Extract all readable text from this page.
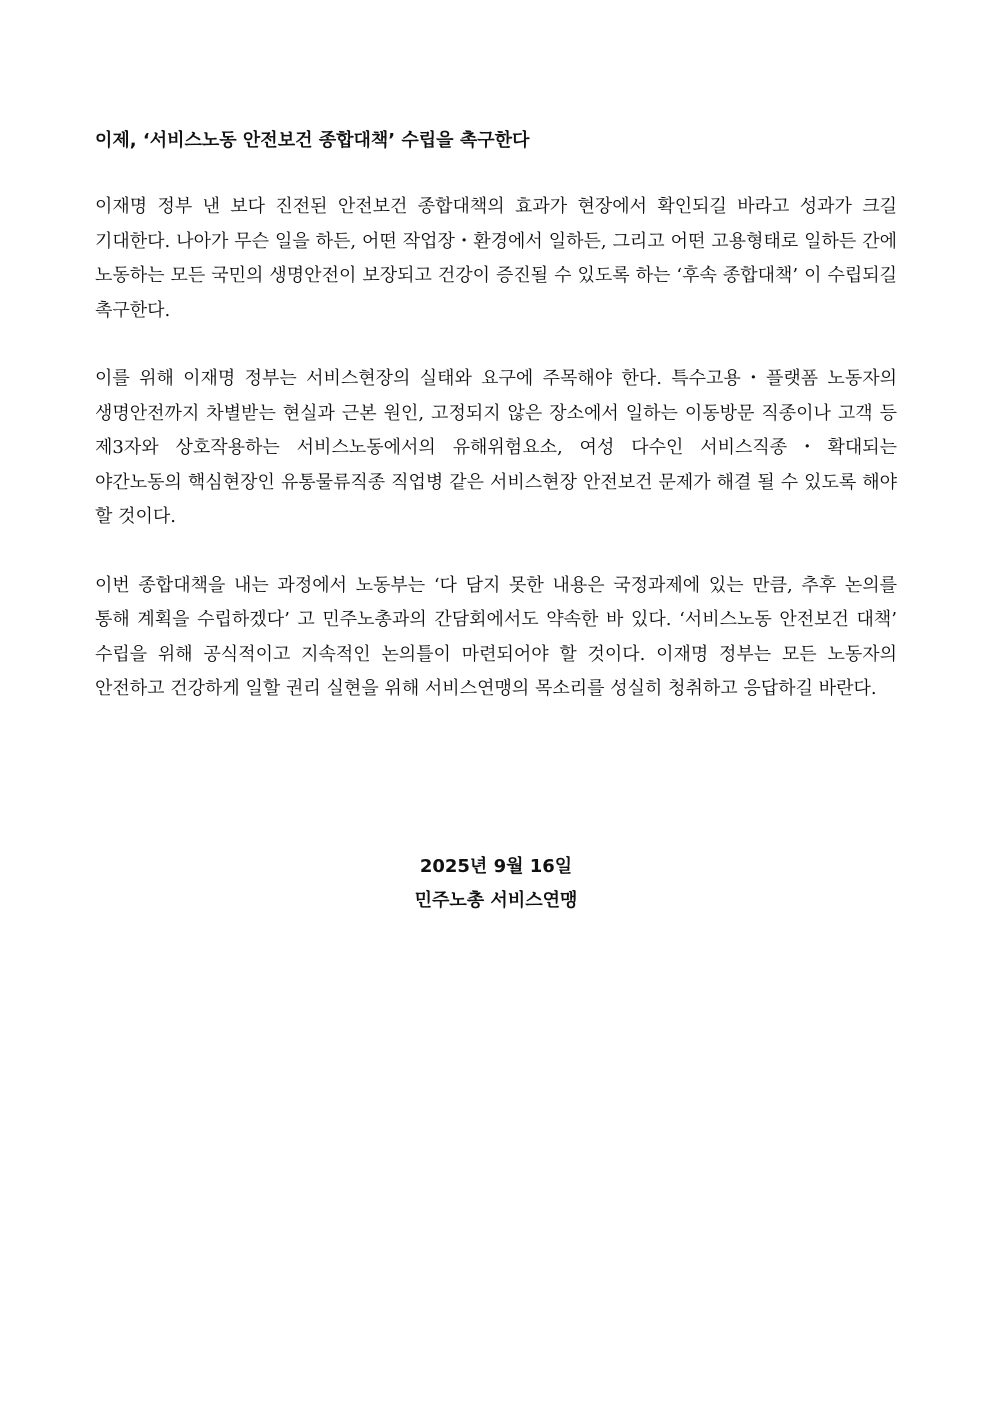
이제, ‘서비스노동 안전보건 종합대책’ 수립을 촉구한다

이재명 정부 낸 보다 진전된 안전보건 종합대책의 효과가 현장에서 확인되길 바라고 성과가 크길 기대한다. 나아가 무슨 일을 하든, 어떤 작업장・환경에서 일하든, 그리고 어떤 고용형태로 일하든 간에 노동하는 모든 국민의 생명안전이 보장되고 건강이 증진될 수 있도록 하는 ‘후속 종합대책’ 이 수립되길 촉구한다.

이를 위해 이재명 정부는 서비스현장의 실태와 요구에 주목해야 한다. 특수고용・플랫폼 노동자의 생명안전까지 차별받는 현실과 근본 원인, 고정되지 않은 장소에서 일하는 이동방문 직종이나 고객 등 제3자와 상호작용하는 서비스노동에서의 유해위험요소, 여성 다수인 서비스직종・확대되는 야간노동의 핵심현장인 유통물류직종 직업병 같은 서비스현장 안전보건 문제가 해결 될 수 있도록 해야 할 것이다.

이번 종합대책을 내는 과정에서 노동부는 ‘다 담지 못한 내용은 국정과제에 있는 만큼, 추후 논의를 통해 계획을 수립하겠다’ 고 민주노총과의 간담회에서도 약속한 바 있다. ‘서비스노동 안전보건 대책’ 수립을 위해 공식적이고 지속적인 논의틀이 마련되어야 할 것이다. 이재명 정부는 모든 노동자의 안전하고 건강하게 일할 권리 실현을 위해 서비스연맹의 목소리를 성실히 청취하고 응답하길 바란다.

2025년 9월 16일
민주노총 서비스연맹
